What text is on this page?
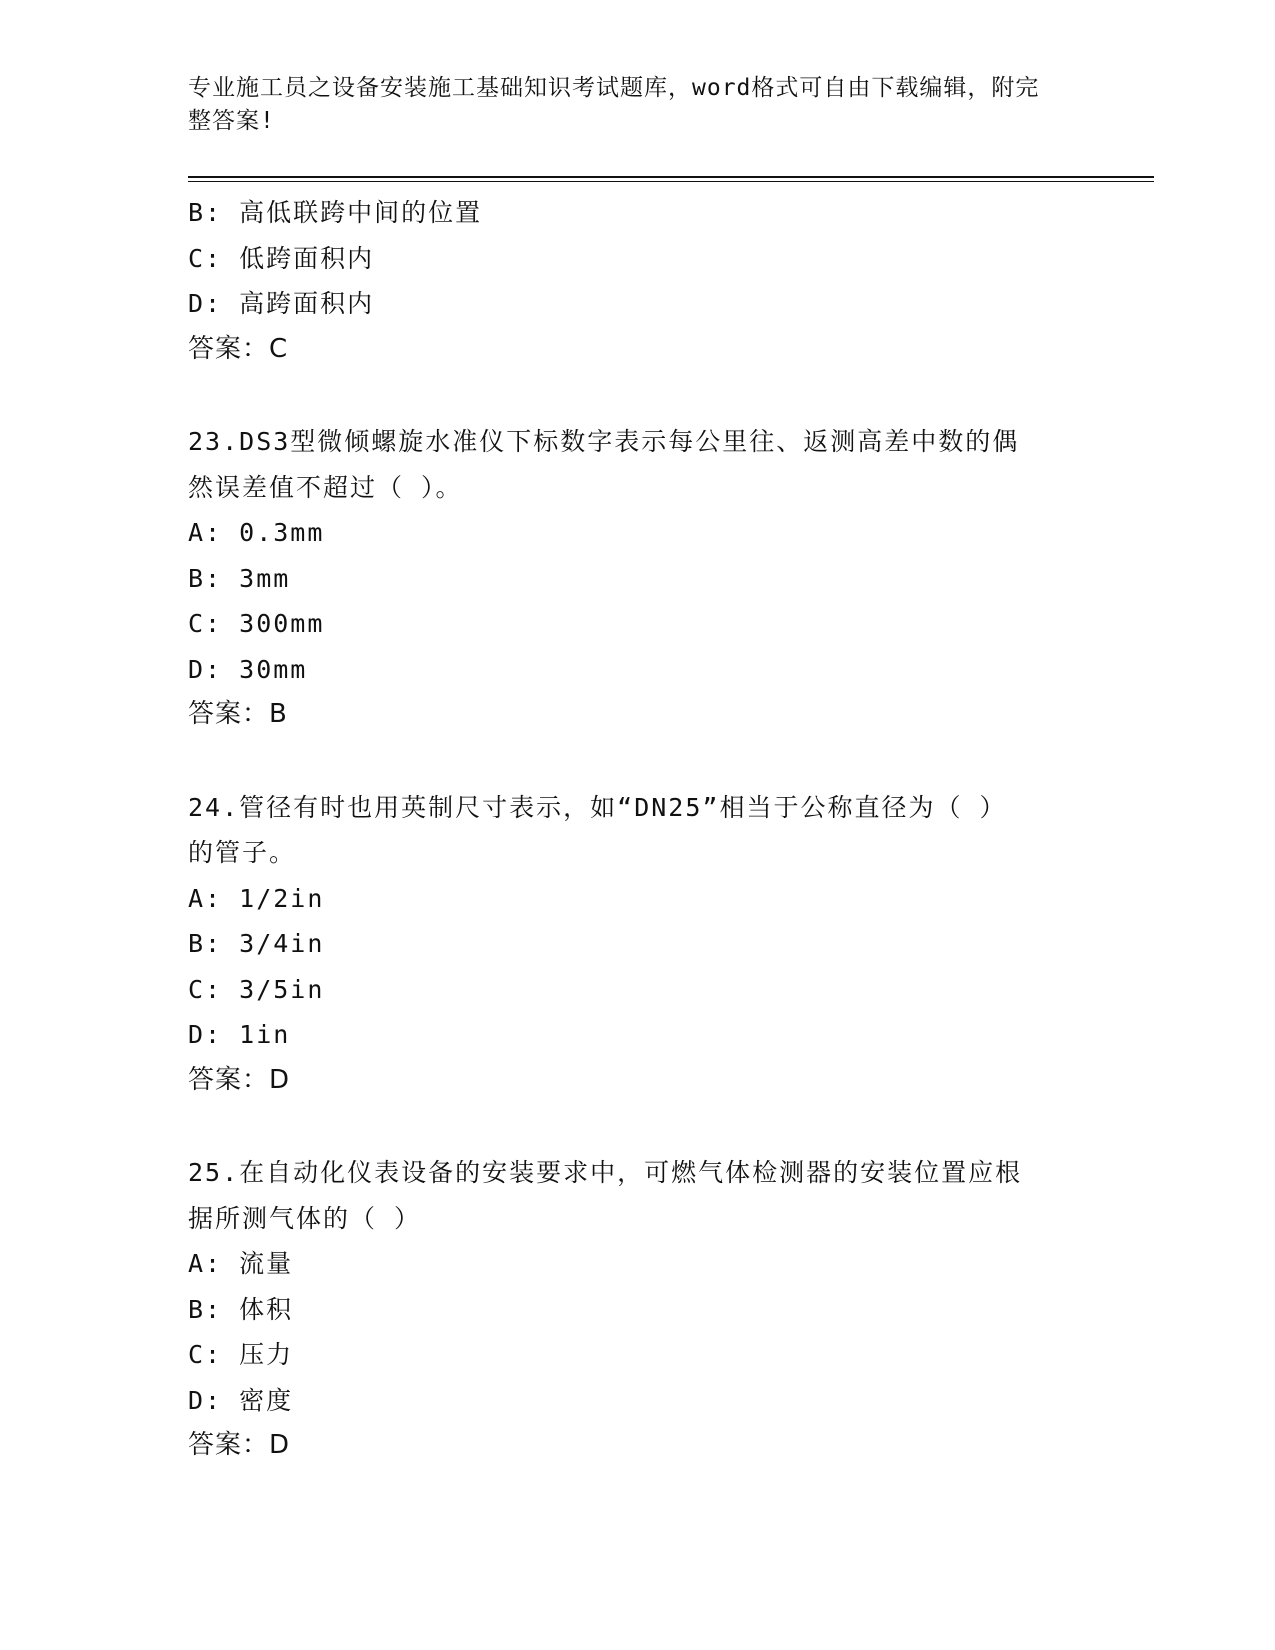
专业施工员之设备安装施工基础知识考试题库，word格式可自由下载编辑，附完
整答案!
B: 高低联跨中间的位置
C: 低跨面积内
D: 高跨面积内
答案：C
23.DS3型微倾螺旋水准仪下标数字表示每公里往、返测高差中数的偶
然误差值不超过（ ）。
A: 0.3mm
B: 3mm
C: 300mm
D: 30mm
答案：B
24.管径有时也用英制尺寸表示，如“DN25”相当于公称直径为（ ）
的管子。
A: 1/2in
B: 3/4in
C: 3/5in
D: 1in
答案：D
25.在自动化仪表设备的安装要求中，可燃气体检测器的安装位置应根
据所测气体的（ ）
A: 流量
B: 体积
C: 压力
D: 密度
答案：D
